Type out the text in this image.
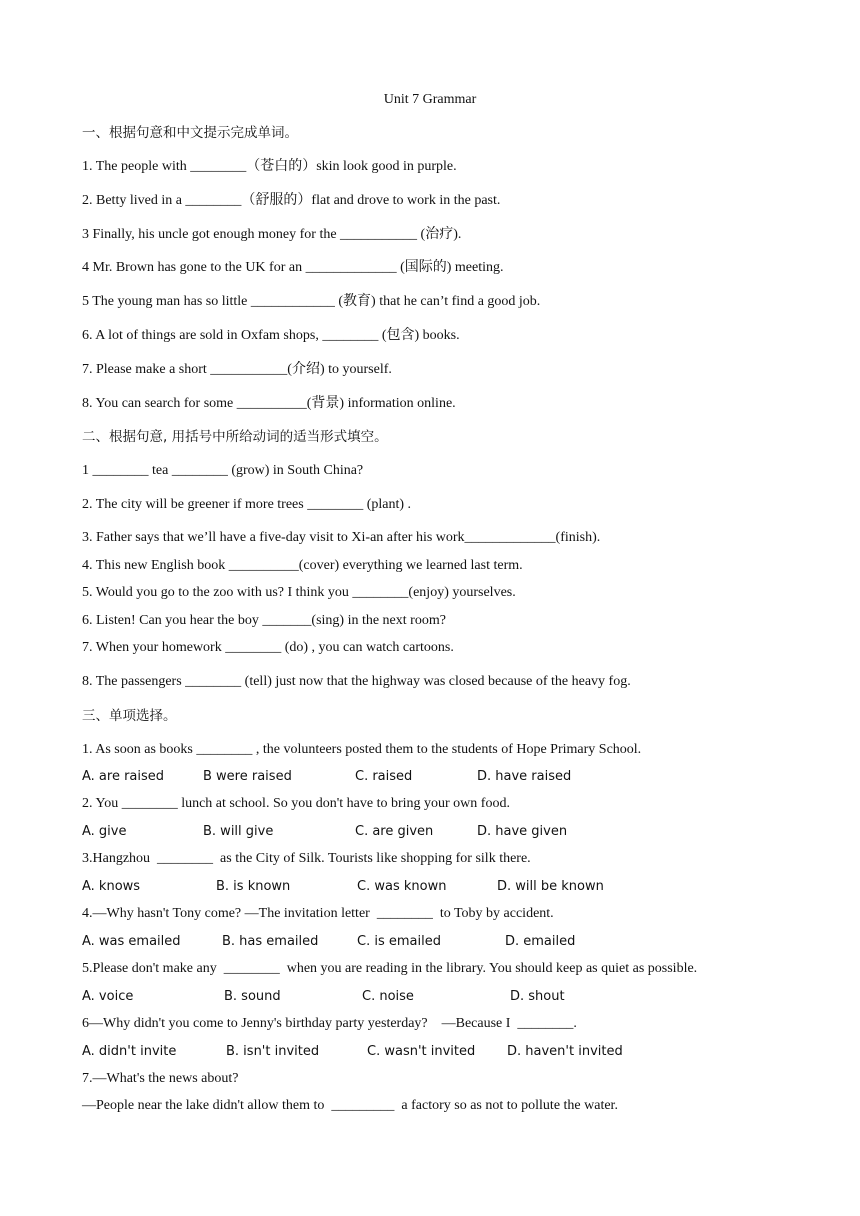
Unit 7 Grammar
一、根据句意和中文提示完成单词。
1. The people with ________（苍白的）skin look good in purple.
2. Betty lived in a ________（舒服的）flat and drove to work in the past.
3 Finally, his uncle got enough money for the ___________ (治疗).
4 Mr. Brown has gone to the UK for an _____________ (国际的) meeting.
5 The young man has so little ____________ (教育) that he can’t find a good job.
6. A lot of things are sold in Oxfam shops, ________ (包含) books.
7. Please make a short ___________(介绍) to yourself.
8. You can search for some __________(背景) information online.
二、根据句意, 用括号中所给动词的适当形式填空。
1 ________ tea ________ (grow) in South China?
2. The city will be greener if more trees ________ (plant) .
3. Father says that we’ll have a five-day visit to Xi-an after his work_____________(finish).
4. This new English book __________(cover) everything we learned last term.
5. Would you go to the zoo with us? I think you ________(enjoy) yourselves.
6. Listen! Can you hear the boy _______(sing) in the next room?
7. When your homework ________ (do) , you can watch cartoons.
8. The passengers ________ (tell) just now that the highway was closed because of the heavy fog.
三、单项选择。
1. As soon as books ________ , the volunteers posted them to the students of Hope Primary School.
A. are raised	B were raised	C. raised	D. have raised
2. You ________ lunch at school. So you don't have to bring your own food.
A. give	B. will give	C. are given	D. have given
3.Hangzhou  ________  as the City of Silk. Tourists like shopping for silk there.
A. knows	B. is known	C. was known	D. will be known
4.—Why hasn't Tony come? —The invitation letter  ________  to Toby by accident.
A. was emailed	B. has emailed	C. is emailed	D. emailed
5.Please don't make any  ________  when you are reading in the library. You should keep as quiet as possible.
A. voice	B. sound	C. noise	D. shout
6—Why didn't you come to Jenny's birthday party yesterday?    —Because I  ________.
A. didn't invite	B. isn't invited	C. wasn't invited D. haven't invited
7.—What's the news about?
—People near the lake didn't allow them to  _________  a factory so as not to pollute the water.
